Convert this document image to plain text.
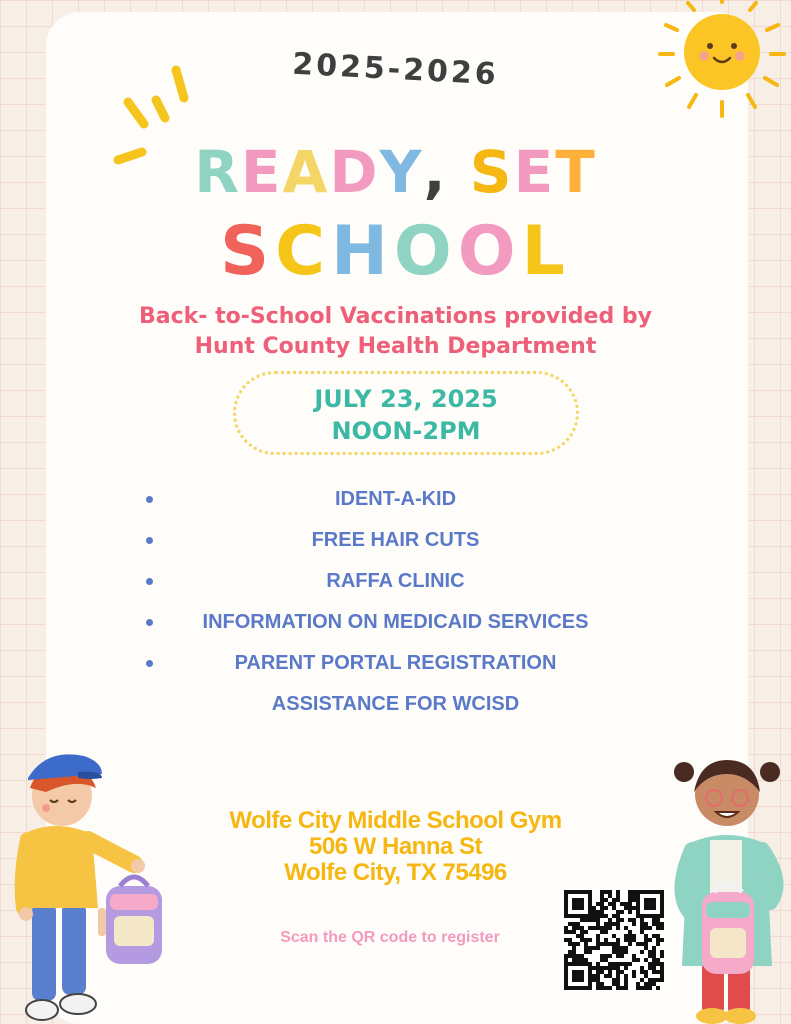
2025-2026
READY, SET
SCHOOL
Back- to-School Vaccinations provided by
Hunt County Health Department
JULY 23, 2025
NOON-2PM
IDENT-A-KID
FREE HAIR CUTS
RAFFA CLINIC
INFORMATION ON MEDICAID SERVICES
PARENT PORTAL REGISTRATION
ASSISTANCE FOR WCISD
Wolfe City Middle School Gym
506 W Hanna St
Wolfe City, TX 75496
Scan the QR code to register
